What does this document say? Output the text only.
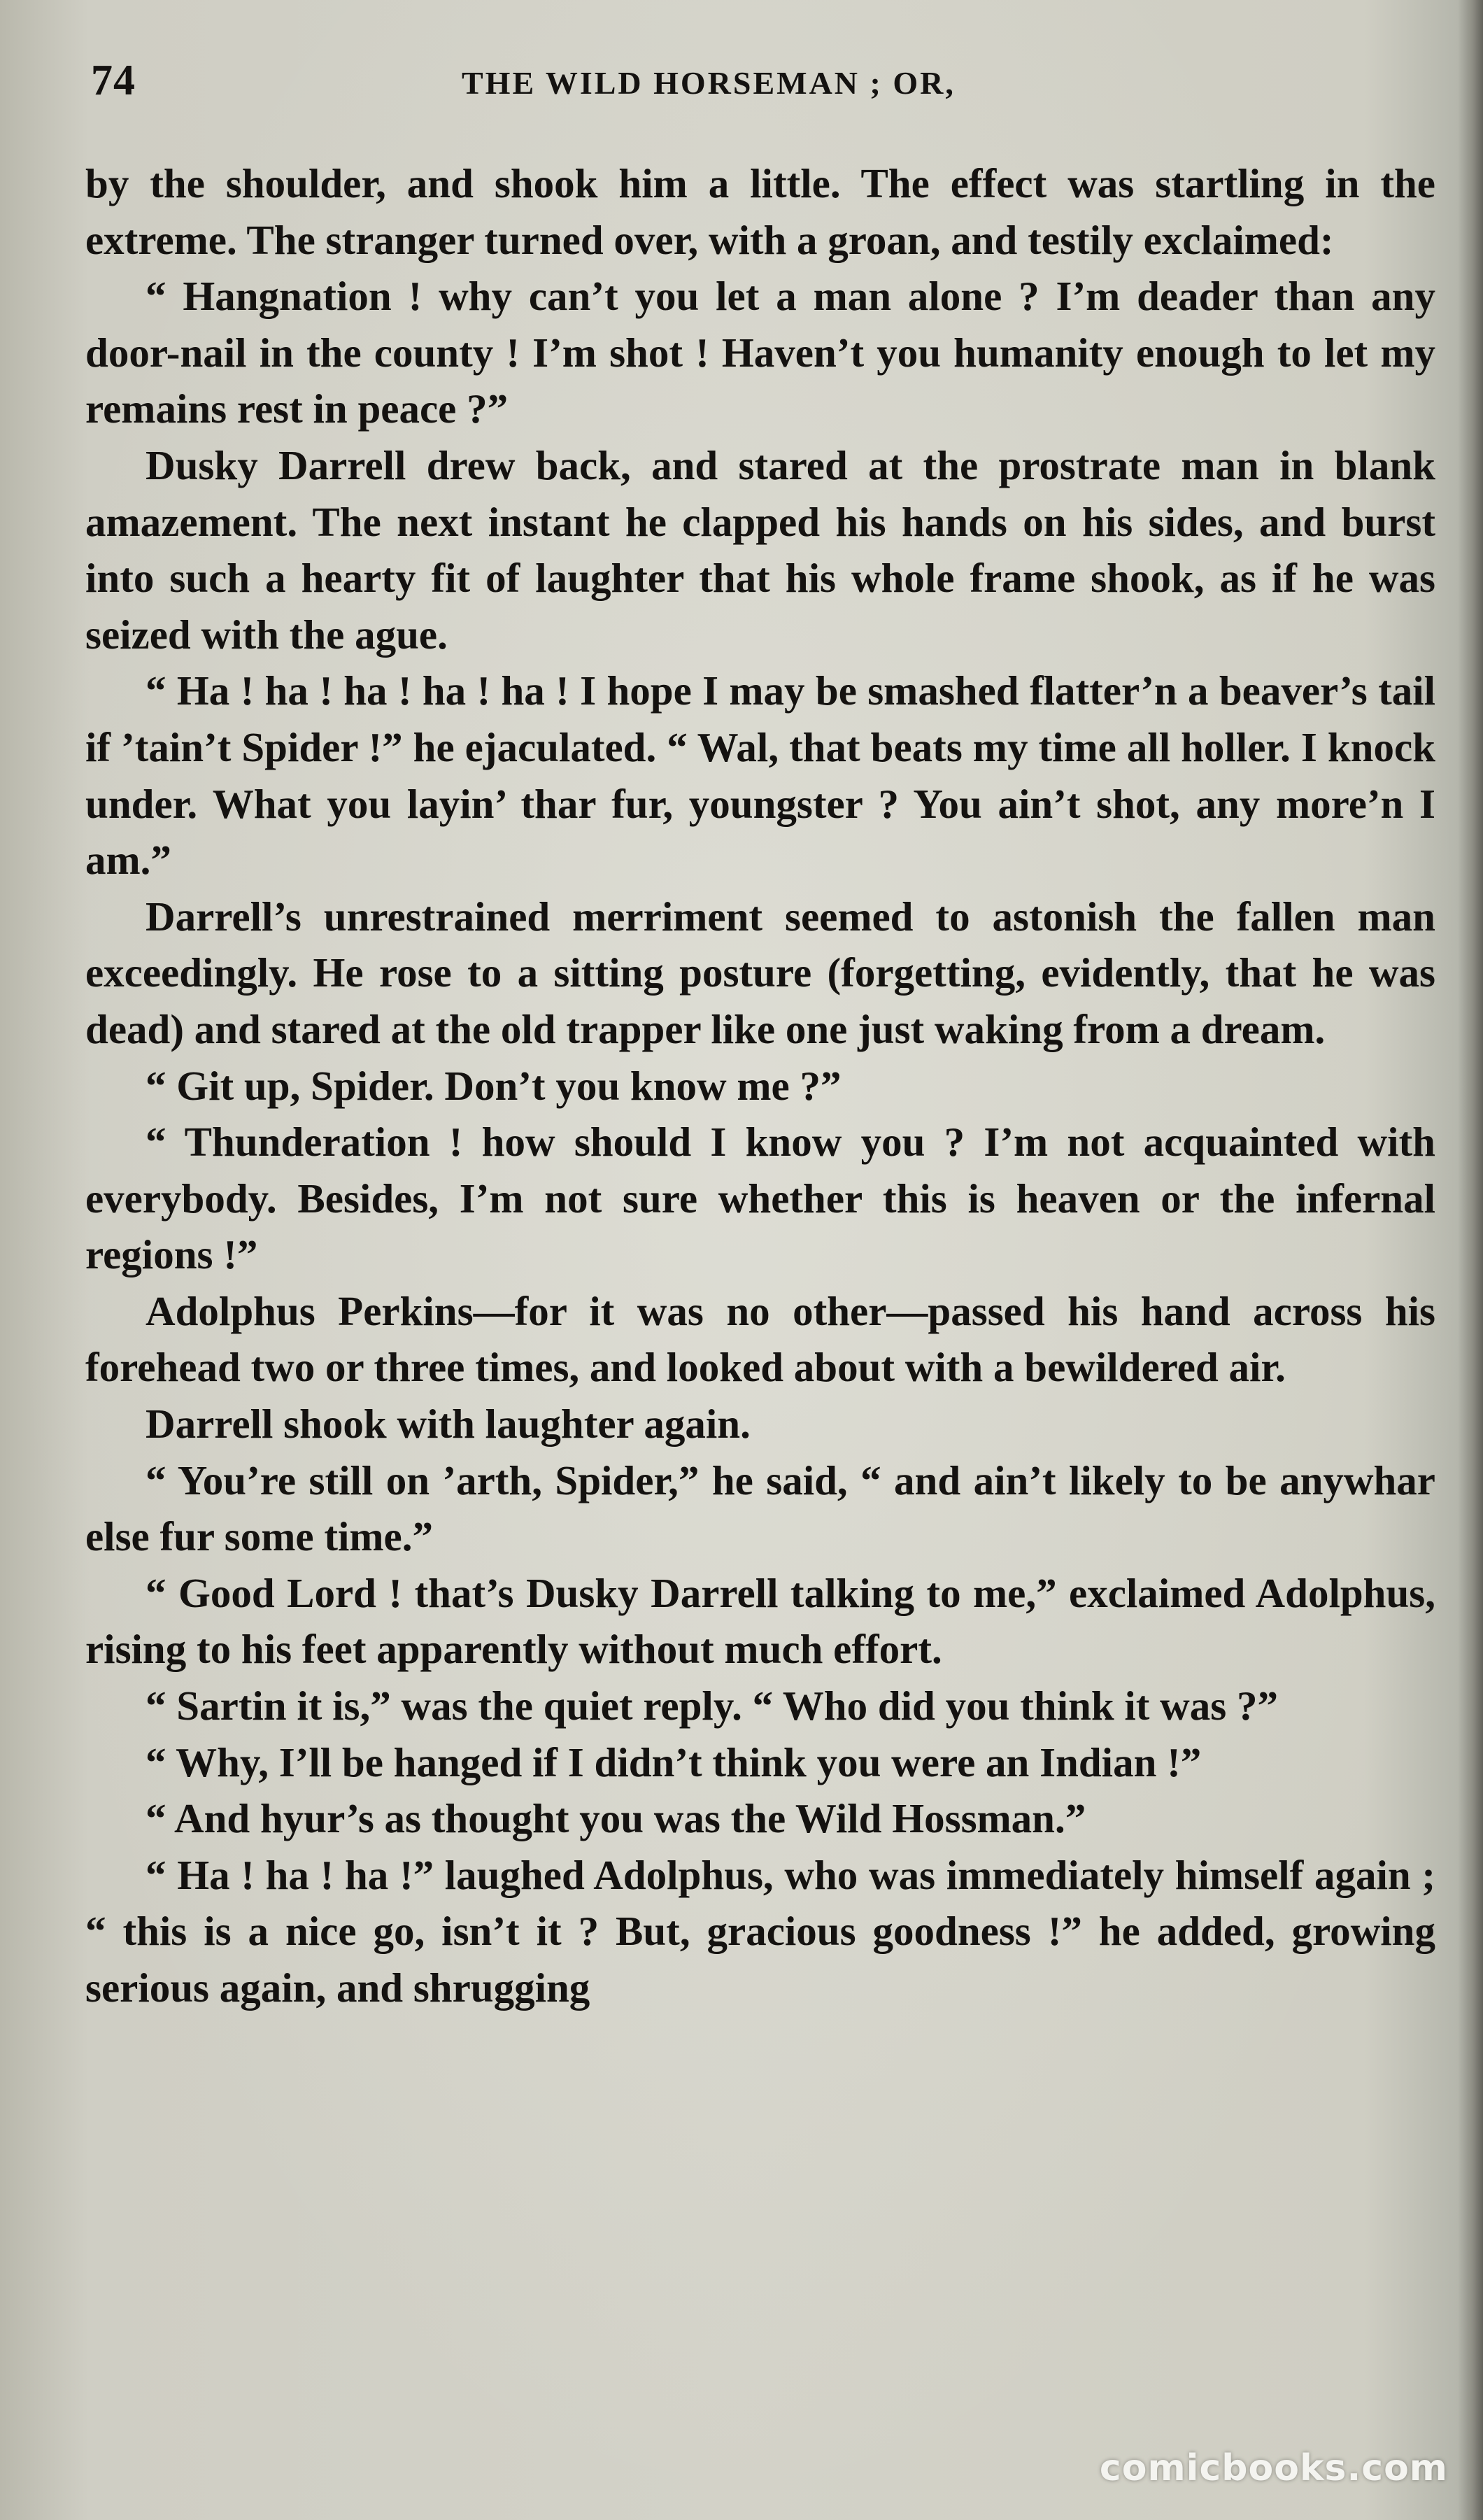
74	THE WILD HORSEMAN ; OR,

by the shoulder, and shook him a little. The effect was startling in the extreme. The stranger turned over, with a groan, and testily exclaimed:

“ Hangnation ! why can’t you let a man alone ? I’m deader than any door-nail in the county ! I’m shot ! Haven’t you humanity enough to let my remains rest in peace ?”

Dusky Darrell drew back, and stared at the prostrate man in blank amazement. The next instant he clapped his hands on his sides, and burst into such a hearty fit of laughter that his whole frame shook, as if he was seized with the ague.

“ Ha ! ha ! ha ! ha ! ha ! I hope I may be smashed flatter’n a beaver’s tail if ’tain’t Spider !” he ejaculated. “ Wal, that beats my time all holler. I knock under. What you layin’ thar fur, youngster ? You ain’t shot, any more’n I am.”

Darrell’s unrestrained merriment seemed to astonish the fallen man exceedingly. He rose to a sitting posture (forgetting, evidently, that he was dead) and stared at the old trapper like one just waking from a dream.

“ Git up, Spider. Don’t you know me ?”

“ Thunderation ! how should I know you ? I’m not acquainted with everybody. Besides, I’m not sure whether this is heaven or the infernal regions !”

Adolphus Perkins—for it was no other—passed his hand across his forehead two or three times, and looked about with a bewildered air.

Darrell shook with laughter again.

“ You’re still on ’arth, Spider,” he said, “ and ain’t likely to be anywhar else fur some time.”

“ Good Lord ! that’s Dusky Darrell talking to me,” exclaimed Adolphus, rising to his feet apparently without much effort.

“ Sartin it is,” was the quiet reply. “ Who did you think it was ?”

“ Why, I’ll be hanged if I didn’t think you were an Indian !”

“ And hyur’s as thought you was the Wild Hossman.”

“ Ha ! ha ! ha !” laughed Adolphus, who was immediately himself again ; “ this is a nice go, isn’t it ? But, gracious goodness !” he added, growing serious again, and shrugging

comicbooks.com
